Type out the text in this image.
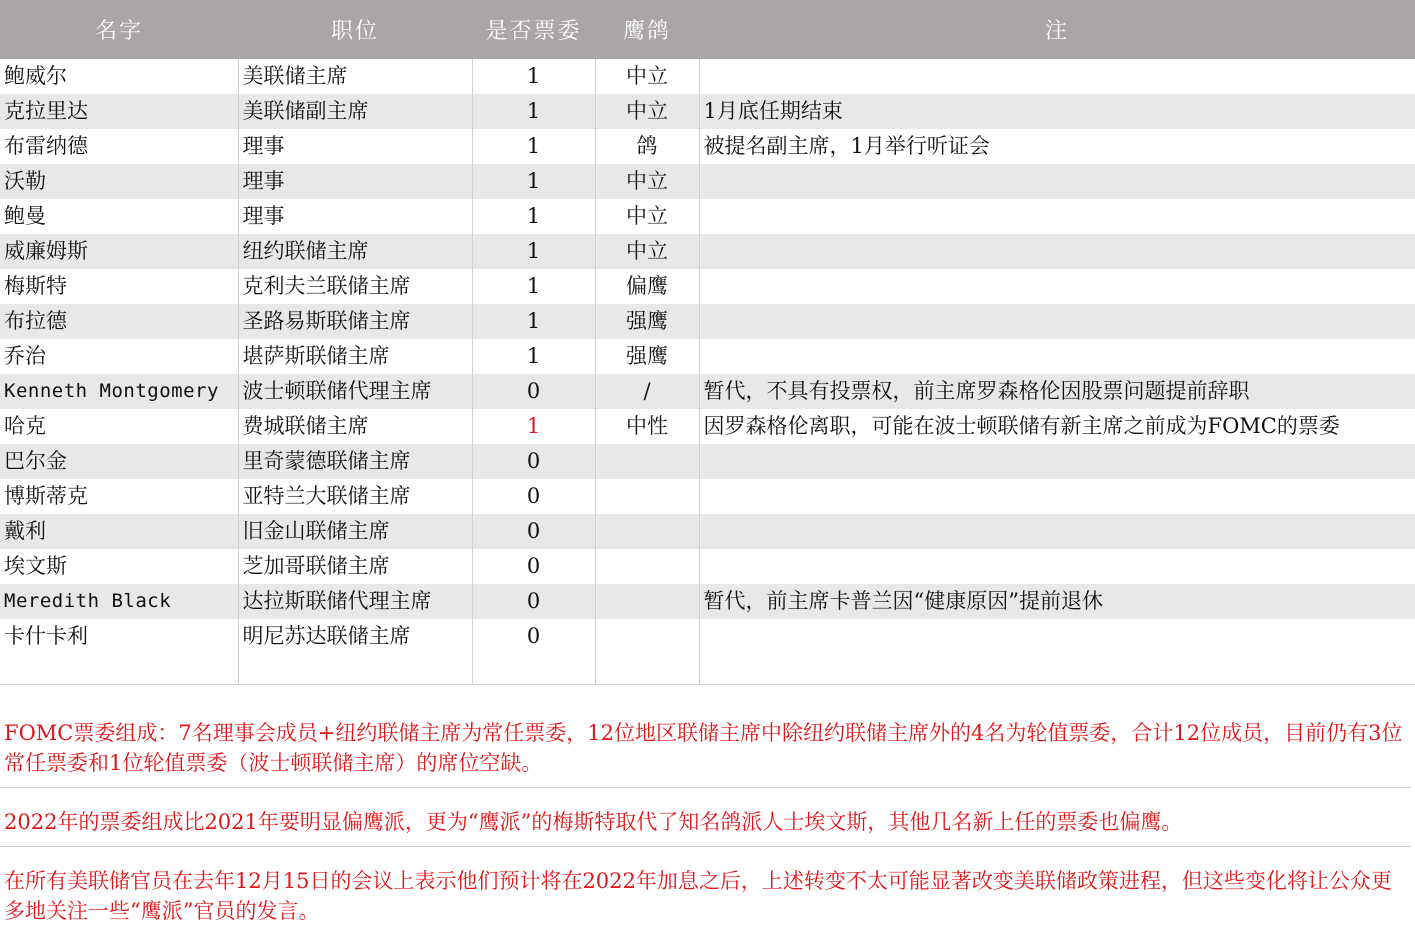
名字	职位	是否票委	鹰鸽	注
鲍威尔	美联储主席	1	中立	
克拉里达	美联储副主席	1	中立	1月底任期结束
布雷纳德	理事	1	鸽	被提名副主席，1月举行听证会
沃勒	理事	1	中立	
鲍曼	理事	1	中立	
威廉姆斯	纽约联储主席	1	中立	
梅斯特	克利夫兰联储主席	1	偏鹰	
布拉德	圣路易斯联储主席	1	强鹰	
乔治	堪萨斯联储主席	1	强鹰	
Kenneth Montgomery	波士顿联储代理主席	0	/	暂代，不具有投票权，前主席罗森格伦因股票问题提前辞职
哈克	费城联储主席	1	中性	因罗森格伦离职，可能在波士顿联储有新主席之前成为FOMC的票委
巴尔金	里奇蒙德联储主席	0		
博斯蒂克	亚特兰大联储主席	0		
戴利	旧金山联储主席	0		
埃文斯	芝加哥联储主席	0		
Meredith Black	达拉斯联储代理主席	0		暂代，前主席卡普兰因“健康原因”提前退休
卡什卡利	明尼苏达联储主席	0		

FOMC票委组成：7名理事会成员+纽约联储主席为常任票委，12位地区联储主席中除纽约联储主席外的4名为轮值票委，合计12位成员，目前仍有3位常任票委和1位轮值票委（波士顿联储主席）的席位空缺。
2022年的票委组成比2021年要明显偏鹰派，更为“鹰派”的梅斯特取代了知名鸽派人士埃文斯，其他几名新上任的票委也偏鹰。
在所有美联储官员在去年12月15日的会议上表示他们预计将在2022年加息之后，上述转变不太可能显著改变美联储政策进程，但这些变化将让公众更多地关注一些“鹰派”官员的发言。
